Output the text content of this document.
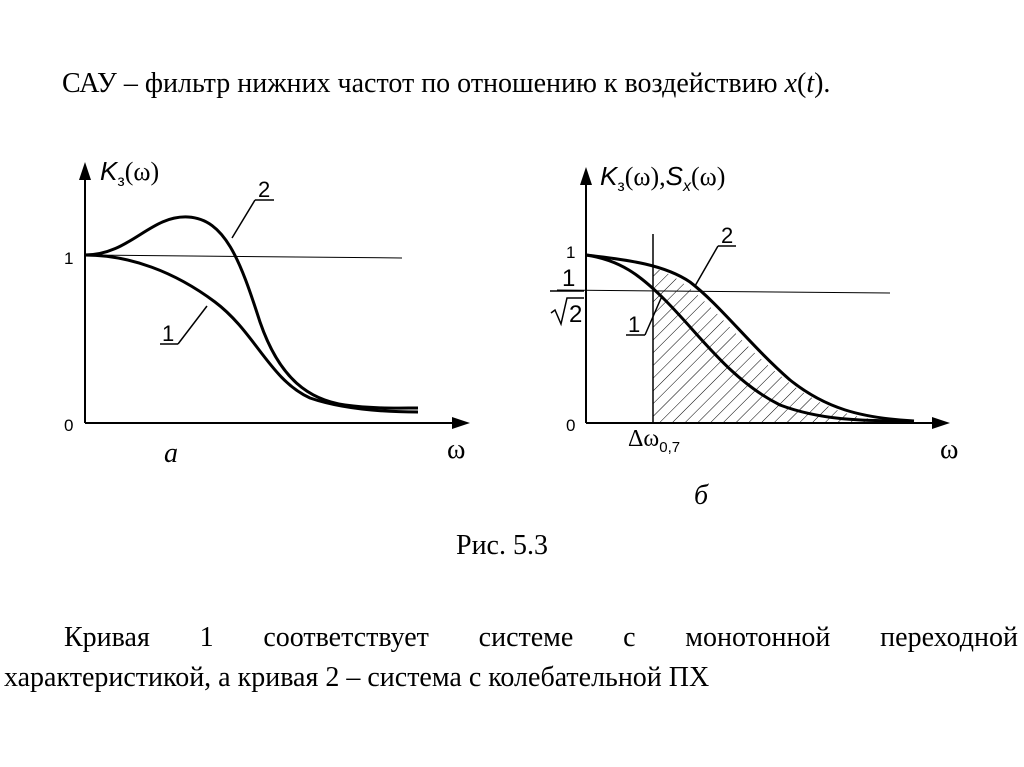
САУ – фильтр нижних частот по отношению к воздействию x(t).
1
2
$K_з(\omega)$
1
0
ω
а
1
2
$K_з(\omega),S_x(\omega)$
1
1
2
0
ω
$\Delta\omega_{0,7}$
б
Рис. 5.3
Кривая 1 соответствует системе с монотонной переходной
характеристикой, а кривая 2 – система с колебательной ПХ
